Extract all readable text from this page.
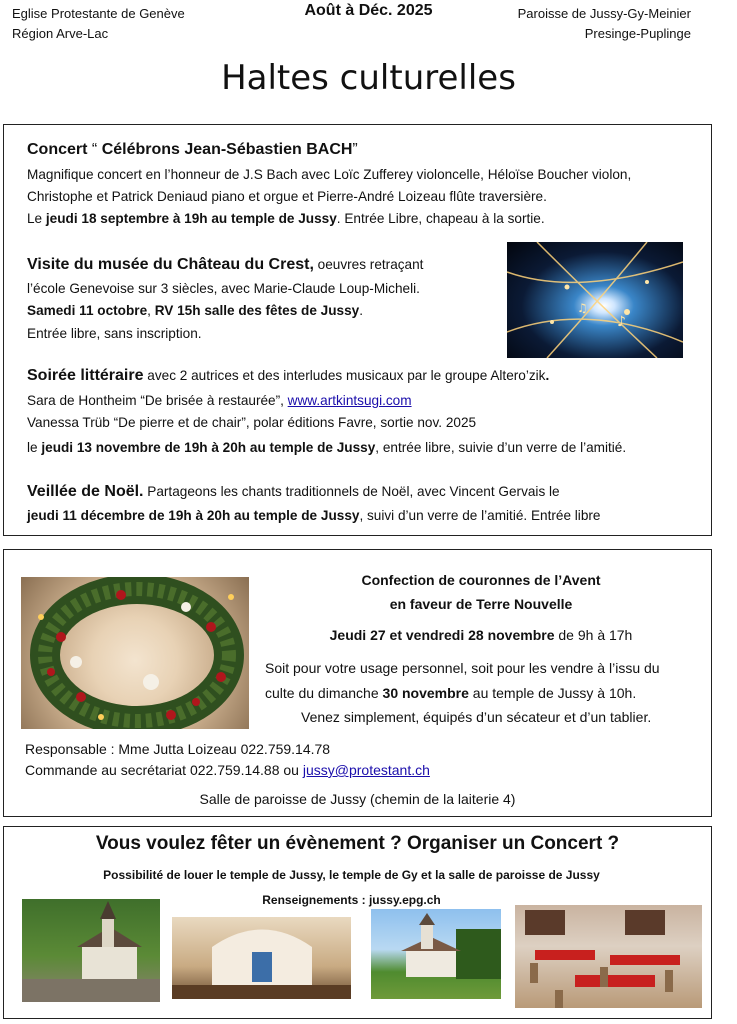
Eglise Protestante de Genève
Région Arve-Lac
Août à Déc. 2025	Paroisse de Jussy-Gy-Meinier
Presinge-Puplinge
Haltes culturelles
Concert “ Célébrons Jean-Sébastien BACH”
Magnifique concert en l’honneur de J.S Bach avec Loïc Zufferey violoncelle, Héloïse Boucher violon,
Christophe et Patrick Deniaud piano et orgue et Pierre-André Loizeau flûte traversière.
Le jeudi 18 septembre à 19h au temple de Jussy. Entrée Libre, chapeau à la sortie.
Visite du musée du Château du Crest, oeuvres retraçant
l’école Genevoise sur 3 siècles, avec Marie-Claude Loup-Micheli.
Samedi 11 octobre, RV 15h salle des fêtes de Jussy.
Entrée libre, sans inscription.
♪
♫
Soirée littéraire avec 2 autrices et des interludes musicaux par le groupe Altero’zik.
Sara de Hontheim “De brisée à restaurée”, www.artkintsugi.com
Vanessa Trüb “De pierre et de chair”, polar éditions Favre, sortie nov. 2025
le jeudi 13 novembre de 19h à 20h au temple de Jussy, entrée libre, suivie d’un verre de l’amitié.
Veillée de Noël. Partageons les chants traditionnels de Noël, avec Vincent Gervais le
jeudi 11 décembre de 19h à 20h au temple de Jussy, suivi d’un verre de l’amitié. Entrée libre
Confection de couronnes de l’Avent
en faveur de Terre Nouvelle
Jeudi 27 et vendredi 28 novembre de 9h à 17h
Soit pour votre usage personnel, soit pour les vendre à l’issu du
culte du dimanche 30 novembre au temple de Jussy à 10h.
Venez simplement, équipés d’un sécateur et d’un tablier.
Responsable : Mme Jutta Loizeau 022.759.14.78
Commande au secrétariat 022.759.14.88 ou jussy@protestant.ch
Salle de paroisse de Jussy (chemin de la laiterie 4)
Vous voulez fêter un évènement ? Organiser un Concert ?
Possibilité de louer le temple de Jussy, le temple de Gy et la salle de paroisse de Jussy
Renseignements : jussy.epg.ch
